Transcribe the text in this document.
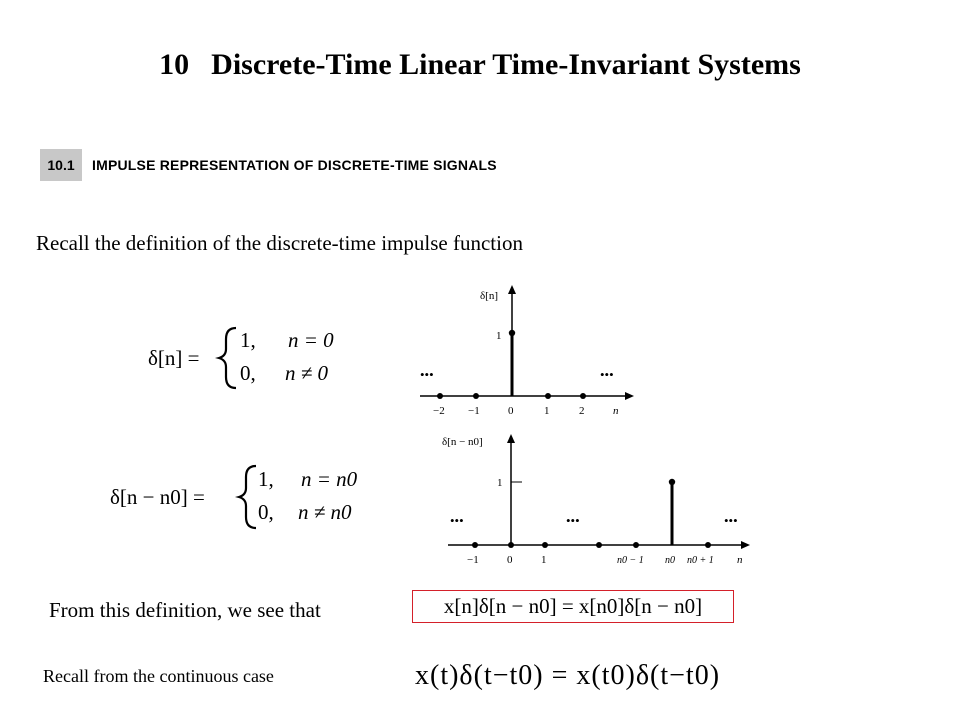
10 Discrete-Time Linear Time-Invariant Systems
10.1	IMPULSE REPRESENTATION OF DISCRETE-TIME SIGNALS
Recall the definition of the discrete-time impulse function
δ[n] =
1, n = 0
0, n ≠ 0
δ[n]
1
•••	•••
−2 −1	0	1	2	n
δ[n − n0] =
1, n = n0
0, n ≠ n0
δ[n − n0]
1
•••	•••	•••
−1	0	1	n0 − 1 n0 n0 + 1 n
From this definition, we see that	x[n]δ[n − n0] = x[n0]δ[n − n0]
Recall from the continuous case	x(t)δ(t−t0) = x(t0)δ(t−t0)
